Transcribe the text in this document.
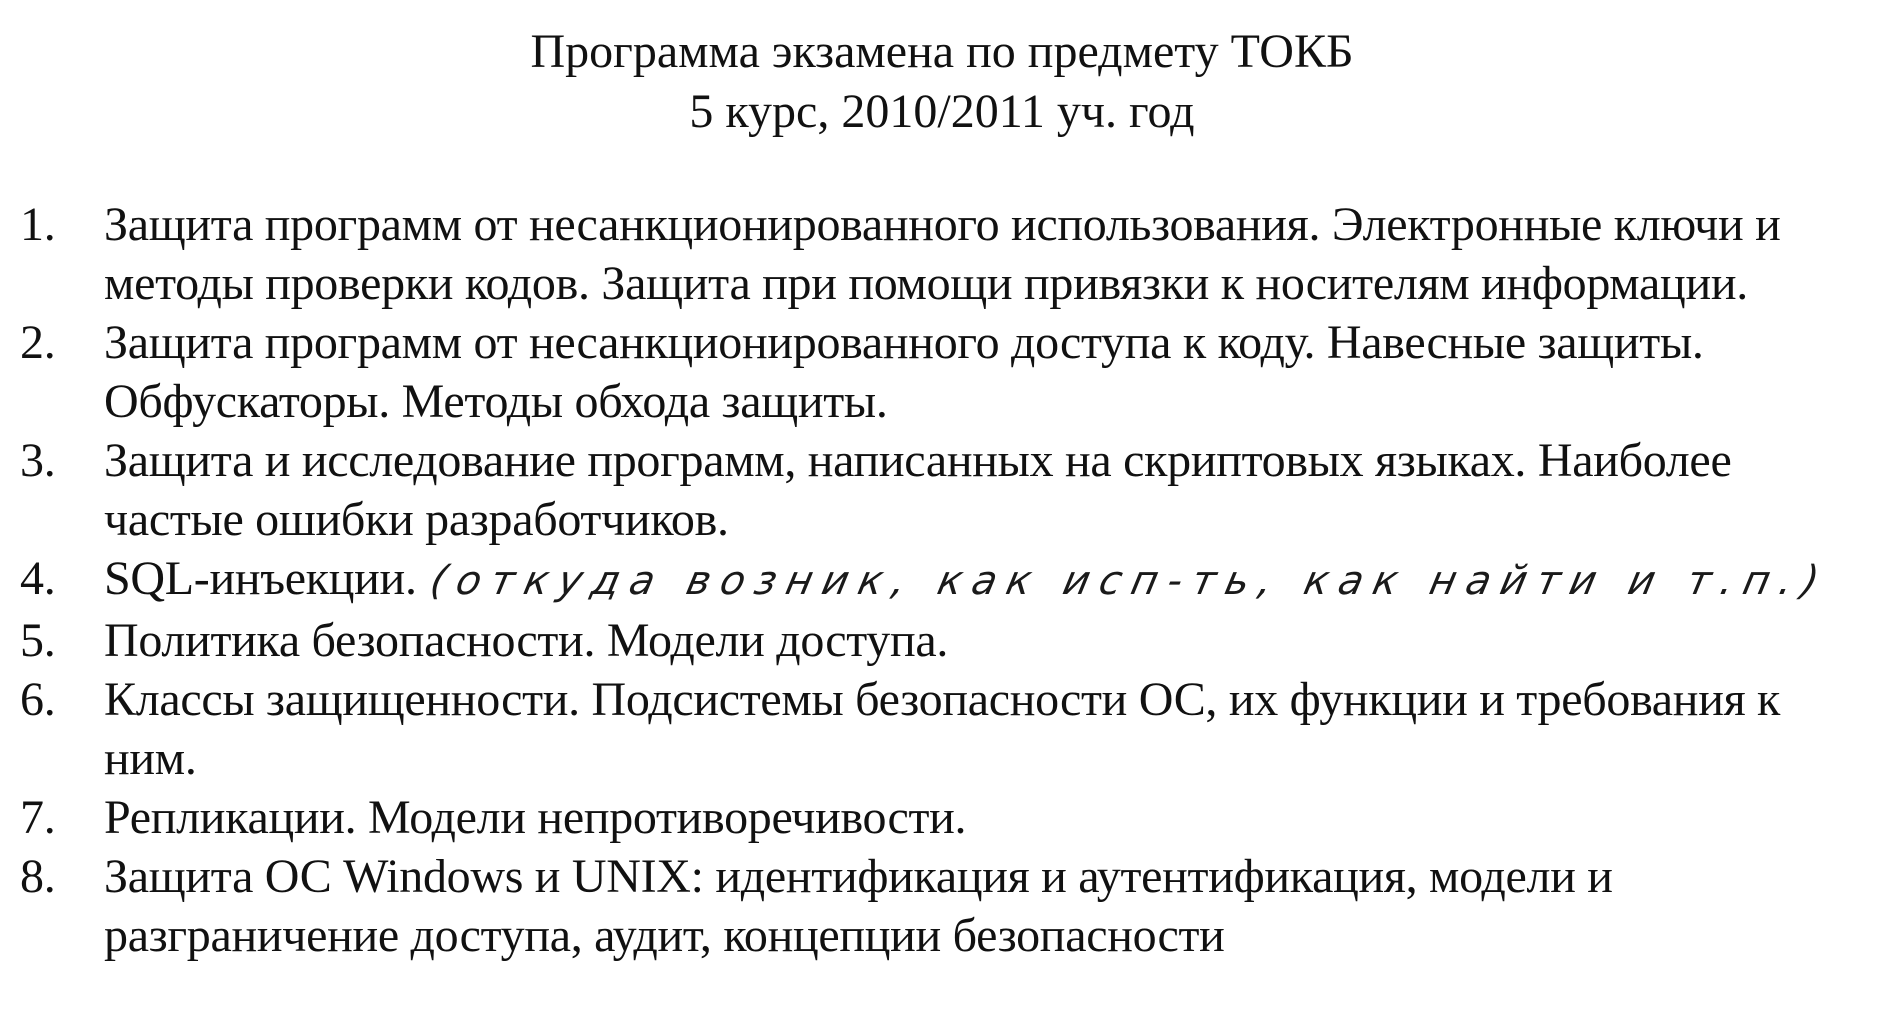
Программа экзамена по предмету ТОКБ
5 курс, 2010/2011 уч. год
1.	Защита программ от несанкционированного использования. Электронные ключи и методы проверки кодов. Защита при помощи привязки к носителям информации.
2.	Защита программ от несанкционированного доступа к коду. Навесные защиты. Обфускаторы. Методы обхода защиты.
3.	Защита и исследование программ, написанных на скриптовых языках. Наиболее частые ошибки разработчиков.
4.	SQL-инъекции. (откуда возник, как исп-ть, как найти и т.п.)
5.	Политика безопасности. Модели доступа.
6.	Классы защищенности. Подсистемы безопасности ОС, их функции и требования к ним.
7.	Репликации. Модели непротиворечивости.
8.	Защита ОС Windows и UNIX: идентификация и аутентификация, модели и разграничение доступа, аудит, концепции безопасности
